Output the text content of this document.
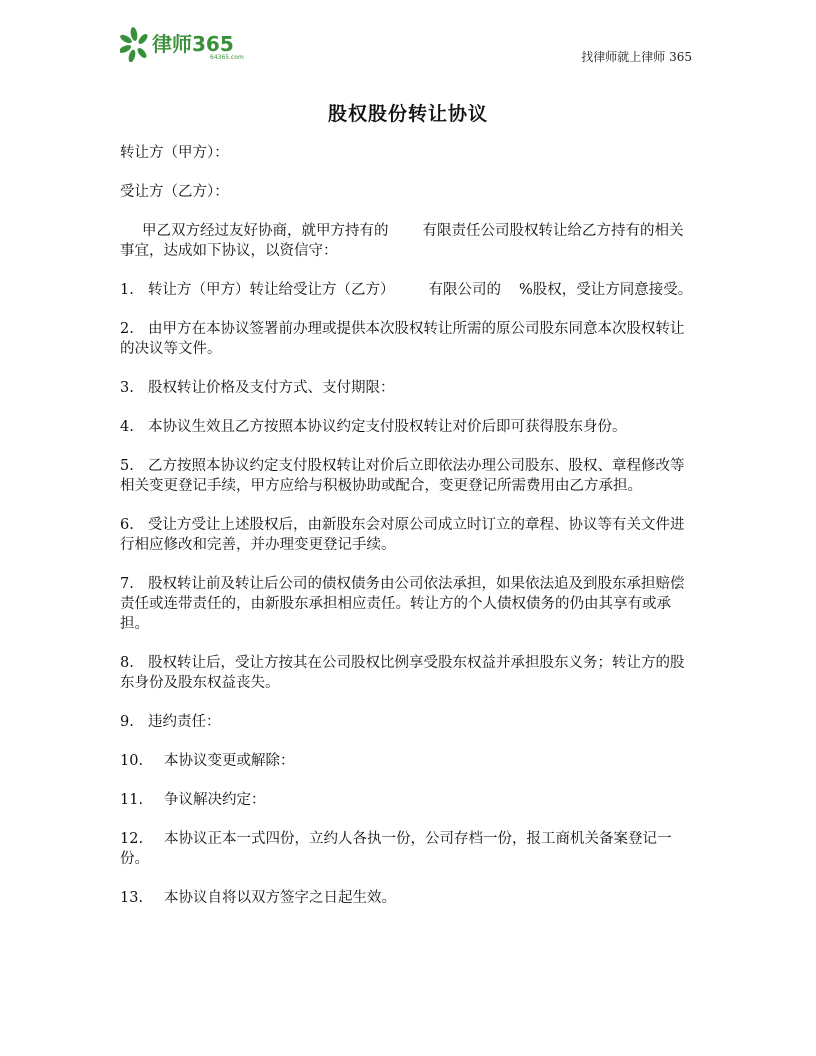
律师365
64365.com	找律师就上律师 365
股权股份转让协议

转让方（甲方）：

受让方（乙方）：

甲乙双方经过友好协商，就甲方持有的 有限责任公司股权转让给乙方持有的相关事宜，达成如下协议，以资信守：

1. 转让方（甲方）转让给受让方（乙方） 有限公司的 %股权，受让方同意接受。

2. 由甲方在本协议签署前办理或提供本次股权转让所需的原公司股东同意本次股权转让的决议等文件。

3. 股权转让价格及支付方式、支付期限：

4. 本协议生效且乙方按照本协议约定支付股权转让对价后即可获得股东身份。

5. 乙方按照本协议约定支付股权转让对价后立即依法办理公司股东、股权、章程修改等相关变更登记手续，甲方应给与积极协助或配合，变更登记所需费用由乙方承担。

6. 受让方受让上述股权后，由新股东会对原公司成立时订立的章程、协议等有关文件进行相应修改和完善，并办理变更登记手续。

7. 股权转让前及转让后公司的债权债务由公司依法承担，如果依法追及到股东承担赔偿责任或连带责任的，由新股东承担相应责任。转让方的个人债权债务的仍由其享有或承担。

8. 股权转让后，受让方按其在公司股权比例享受股东权益并承担股东义务；转让方的股东身份及股东权益丧失。

9. 违约责任：

10. 本协议变更或解除：

11. 争议解决约定：

12. 本协议正本一式四份，立约人各执一份，公司存档一份，报工商机关备案登记一份。

13. 本协议自将以双方签字之日起生效。
